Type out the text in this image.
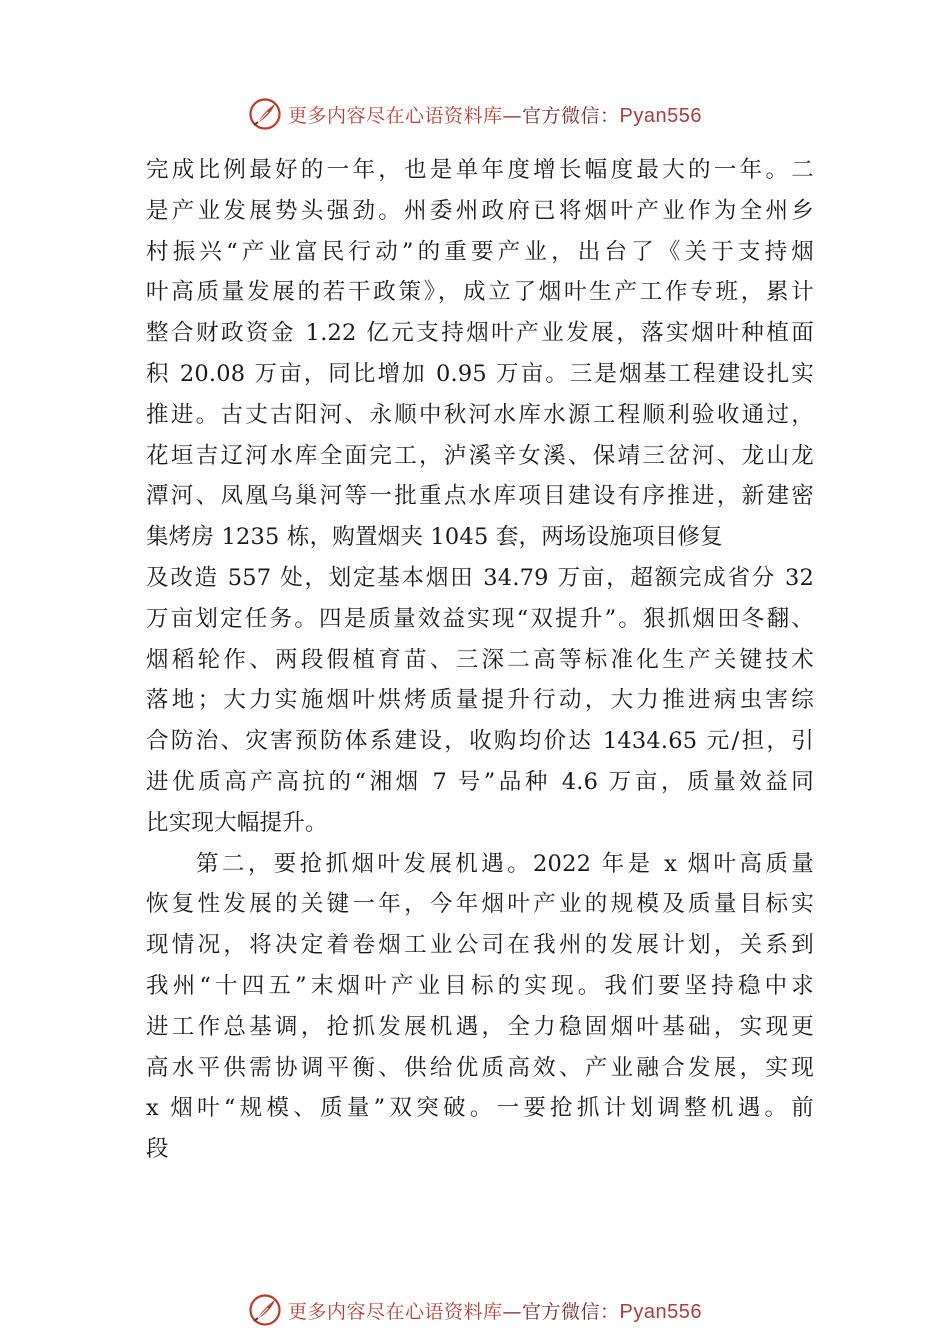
更多内容尽在心语资料库—官方微信：Pyan556
完成比例最好的一年，也是单年度增长幅度最大的一年。二
是产业发展势头强劲。州委州政府已将烟叶产业作为全州乡
村振兴“产业富民行动”的重要产业，出台了《关于支持烟
叶高质量发展的若干政策》，成立了烟叶生产工作专班，累计
整合财政资金 1.22 亿元支持烟叶产业发展，落实烟叶种植面
积 20.08 万亩，同比增加 0.95 万亩。三是烟基工程建设扎实
推进。古丈古阳河、永顺中秋河水库水源工程顺利验收通过，
花垣吉辽河水库全面完工，泸溪辛女溪、保靖三岔河、龙山龙
潭河、凤凰乌巢河等一批重点水库项目建设有序推进，新建密
集烤房 1235 栋，购置烟夹 1045 套，两场设施项目修复
及改造 557 处，划定基本烟田 34.79 万亩，超额完成省分 32
万亩划定任务。四是质量效益实现“双提升”。狠抓烟田冬翻、
烟稻轮作、两段假植育苗、三深二高等标准化生产关键技术
落地；大力实施烟叶烘烤质量提升行动，大力推进病虫害综
合防治、灾害预防体系建设，收购均价达 1434.65 元/担，引
进优质高产高抗的“湘烟 7 号”品种 4.6 万亩，质量效益同
比实现大幅提升。
第二，要抢抓烟叶发展机遇。2022 年是 x 烟叶高质量
恢复性发展的关键一年，今年烟叶产业的规模及质量目标实
现情况，将决定着卷烟工业公司在我州的发展计划，关系到
我州“十四五”末烟叶产业目标的实现。我们要坚持稳中求
进工作总基调，抢抓发展机遇，全力稳固烟叶基础，实现更
高水平供需协调平衡、供给优质高效、产业融合发展，实现
x 烟叶“规模、质量”双突破。一要抢抓计划调整机遇。前
段
更多内容尽在心语资料库—官方微信：Pyan556
